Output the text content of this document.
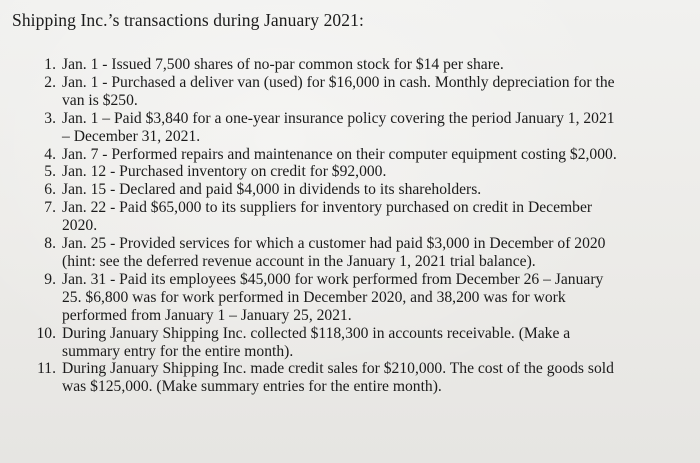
Shipping Inc.’s transactions during January 2021:
1. Jan. 1 - Issued 7,500 shares of no-par common stock for $14 per share.
2. Jan. 1 - Purchased a deliver van (used) for $16,000 in cash. Monthly depreciation for the
van is $250.
3. Jan. 1 – Paid $3,840 for a one-year insurance policy covering the period January 1, 2021
– December 31, 2021.
4. Jan. 7 - Performed repairs and maintenance on their computer equipment costing $2,000.
5. Jan. 12 - Purchased inventory on credit for $92,000.
6. Jan. 15 - Declared and paid $4,000 in dividends to its shareholders.
7. Jan. 22 - Paid $65,000 to its suppliers for inventory purchased on credit in December
2020.
8. Jan. 25 - Provided services for which a customer had paid $3,000 in December of 2020
(hint: see the deferred revenue account in the January 1, 2021 trial balance).
9. Jan. 31 - Paid its employees $45,000 for work performed from December 26 – January
25. $6,800 was for work performed in December 2020, and 38,200 was for work
performed from January 1 – January 25, 2021.
10. During January Shipping Inc. collected $118,300 in accounts receivable. (Make a
summary entry for the entire month).
11. During January Shipping Inc. made credit sales for $210,000. The cost of the goods sold
was $125,000. (Make summary entries for the entire month).
